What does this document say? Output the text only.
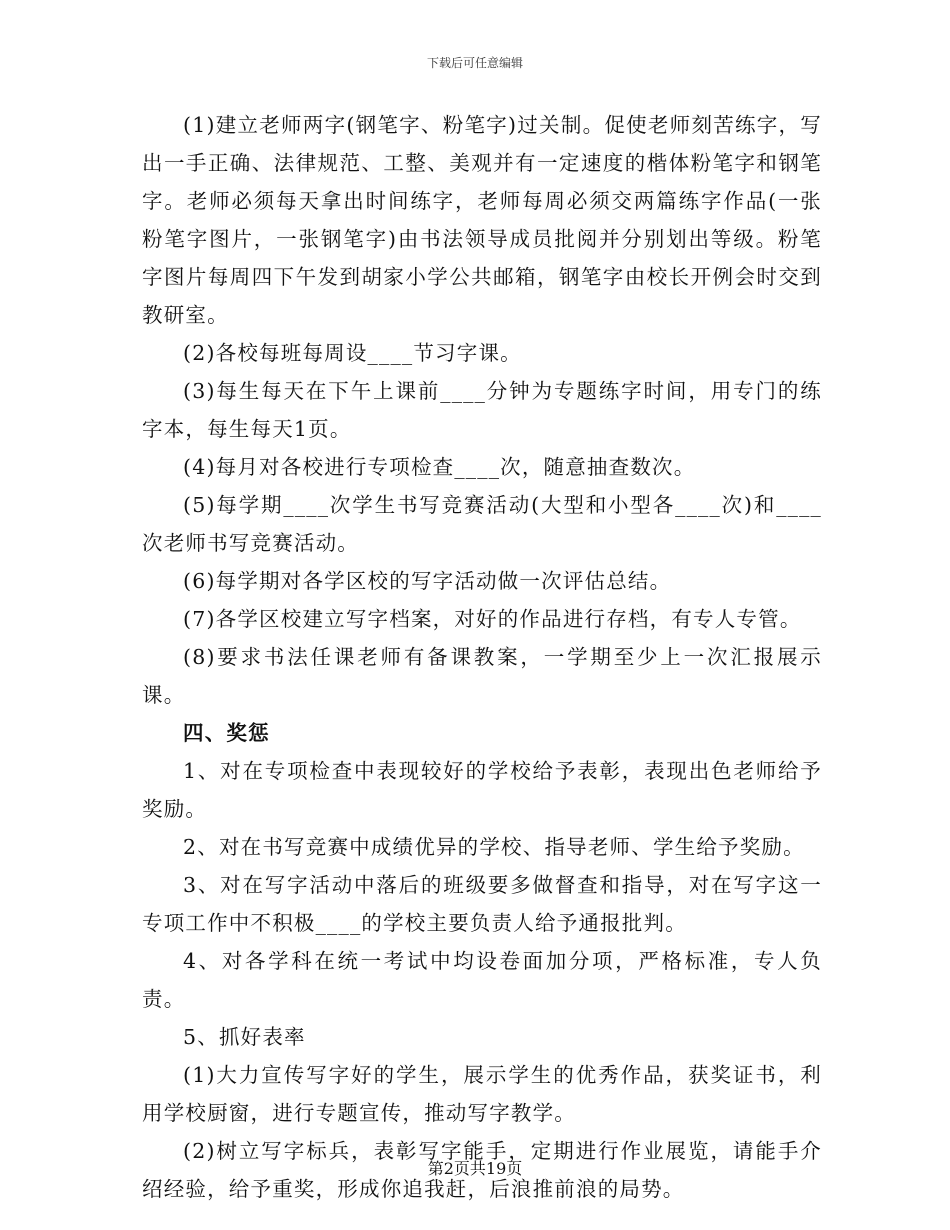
下载后可任意编辑

(1)建立老师两字(钢笔字、粉笔字)过关制。促使老师刻苦练字，写出一手正确、法律规范、工整、美观并有一定速度的楷体粉笔字和钢笔字。老师必须每天拿出时间练字，老师每周必须交两篇练字作品(一张粉笔字图片，一张钢笔字)由书法领导成员批阅并分别划出等级。粉笔字图片每周四下午发到胡家小学公共邮箱，钢笔字由校长开例会时交到教研室。

(2)各校每班每周设____节习字课。

(3)每生每天在下午上课前____分钟为专题练字时间，用专门的练字本，每生每天1页。

(4)每月对各校进行专项检查____次，随意抽查数次。

(5)每学期____次学生书写竞赛活动(大型和小型各____次)和____次老师书写竞赛活动。

(6)每学期对各学区校的写字活动做一次评估总结。

(7)各学区校建立写字档案，对好的作品进行存档，有专人专管。

(8)要求书法任课老师有备课教案，一学期至少上一次汇报展示课。

四、奖惩

1、对在专项检查中表现较好的学校给予表彰，表现出色老师给予奖励。

2、对在书写竞赛中成绩优异的学校、指导老师、学生给予奖励。

3、对在写字活动中落后的班级要多做督查和指导，对在写字这一专项工作中不积极____的学校主要负责人给予通报批判。

4、对各学科在统一考试中均设卷面加分项，严格标准，专人负责。

5、抓好表率

(1)大力宣传写字好的学生，展示学生的优秀作品，获奖证书，利用学校厨窗，进行专题宣传，推动写字教学。

(2)树立写字标兵，表彰写字能手，定期进行作业展览，请能手介绍经验，给予重奖，形成你追我赶，后浪推前浪的局势。

第2页共19页
